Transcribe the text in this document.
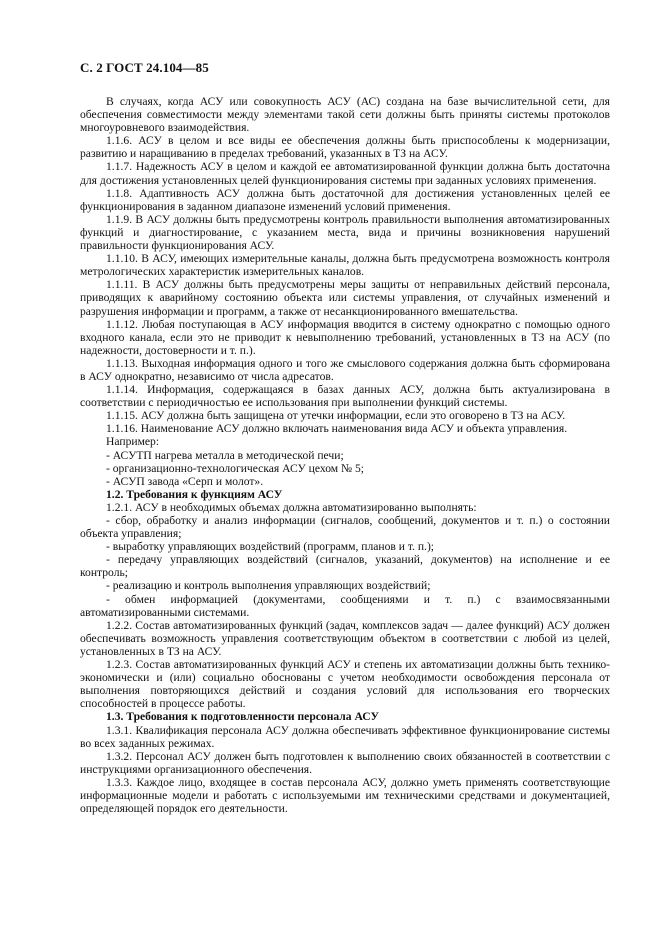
С. 2 ГОСТ 24.104—85

В случаях, когда АСУ или совокупность АСУ (АС) создана на базе вычислительной сети, для обеспечения совместимости между элементами такой сети должны быть приняты системы протоколов многоуровневого взаимодействия.

1.1.6. АСУ в целом и все виды ее обеспечения должны быть приспособлены к модернизации, развитию и наращиванию в пределах требований, указанных в ТЗ на АСУ.

1.1.7. Надежность АСУ в целом и каждой ее автоматизированной функции должна быть достаточна для достижения установленных целей функционирования системы при заданных условиях применения.

1.1.8. Адаптивность АСУ должна быть достаточной для достижения установленных целей ее функционирования в заданном диапазоне изменений условий применения.

1.1.9. В АСУ должны быть предусмотрены контроль правильности выполнения автоматизированных функций и диагностирование, с указанием места, вида и причины возникновения нарушений правильности функционирования АСУ.

1.1.10. В АСУ, имеющих измерительные каналы, должна быть предусмотрена возможность контроля метрологических характеристик измерительных каналов.

1.1.11. В АСУ должны быть предусмотрены меры защиты от неправильных действий персонала, приводящих к аварийному состоянию объекта или системы управления, от случайных изменений и разрушения информации и программ, а также от несанкционированного вмешательства.

1.1.12. Любая поступающая в АСУ информация вводится в систему однократно с помощью одного входного канала, если это не приводит к невыполнению требований, установленных в ТЗ на АСУ (по надежности, достоверности и т. п.).

1.1.13. Выходная информация одного и того же смыслового содержания должна быть сформирована в АСУ однократно, независимо от числа адресатов.

1.1.14. Информация, содержащаяся в базах данных АСУ, должна быть актуализирована в соответствии с периодичностью ее использования при выполнении функций системы.

1.1.15. АСУ должна быть защищена от утечки информации, если это оговорено в ТЗ на АСУ.

1.1.16. Наименование АСУ должно включать наименования вида АСУ и объекта управления.

Например:

- АСУТП нагрева металла в методической печи;

- организационно-технологическая АСУ цехом № 5;

- АСУП завода «Серп и молот».

1.2. Требования к функциям АСУ

1.2.1. АСУ в необходимых объемах должна автоматизированно выполнять:

- сбор, обработку и анализ информации (сигналов, сообщений, документов и т. п.) о состоянии объекта управления;

- выработку управляющих воздействий (программ, планов и т. п.);

- передачу управляющих воздействий (сигналов, указаний, документов) на исполнение и ее контроль;

- реализацию и контроль выполнения управляющих воздействий;

- обмен информацией (документами, сообщениями и т. п.) с взаимосвязанными автоматизированными системами.

1.2.2. Состав автоматизированных функций (задач, комплексов задач — далее функций) АСУ должен обеспечивать возможность управления соответствующим объектом в соответствии с любой из целей, установленных в ТЗ на АСУ.

1.2.3. Состав автоматизированных функций АСУ и степень их автоматизации должны быть технико-экономически и (или) социально обоснованы с учетом необходимости освобождения персонала от выполнения повторяющихся действий и создания условий для использования его творческих способностей в процессе работы.

1.3. Требования к подготовленности персонала АСУ

1.3.1. Квалификация персонала АСУ должна обеспечивать эффективное функционирование системы во всех заданных режимах.

1.3.2. Персонал АСУ должен быть подготовлен к выполнению своих обязанностей в соответствии с инструкциями организационного обеспечения.

1.3.3. Каждое лицо, входящее в состав персонала АСУ, должно уметь применять соответствующие информационные модели и работать с используемыми им техническими средствами и документацией, определяющей порядок его деятельности.
